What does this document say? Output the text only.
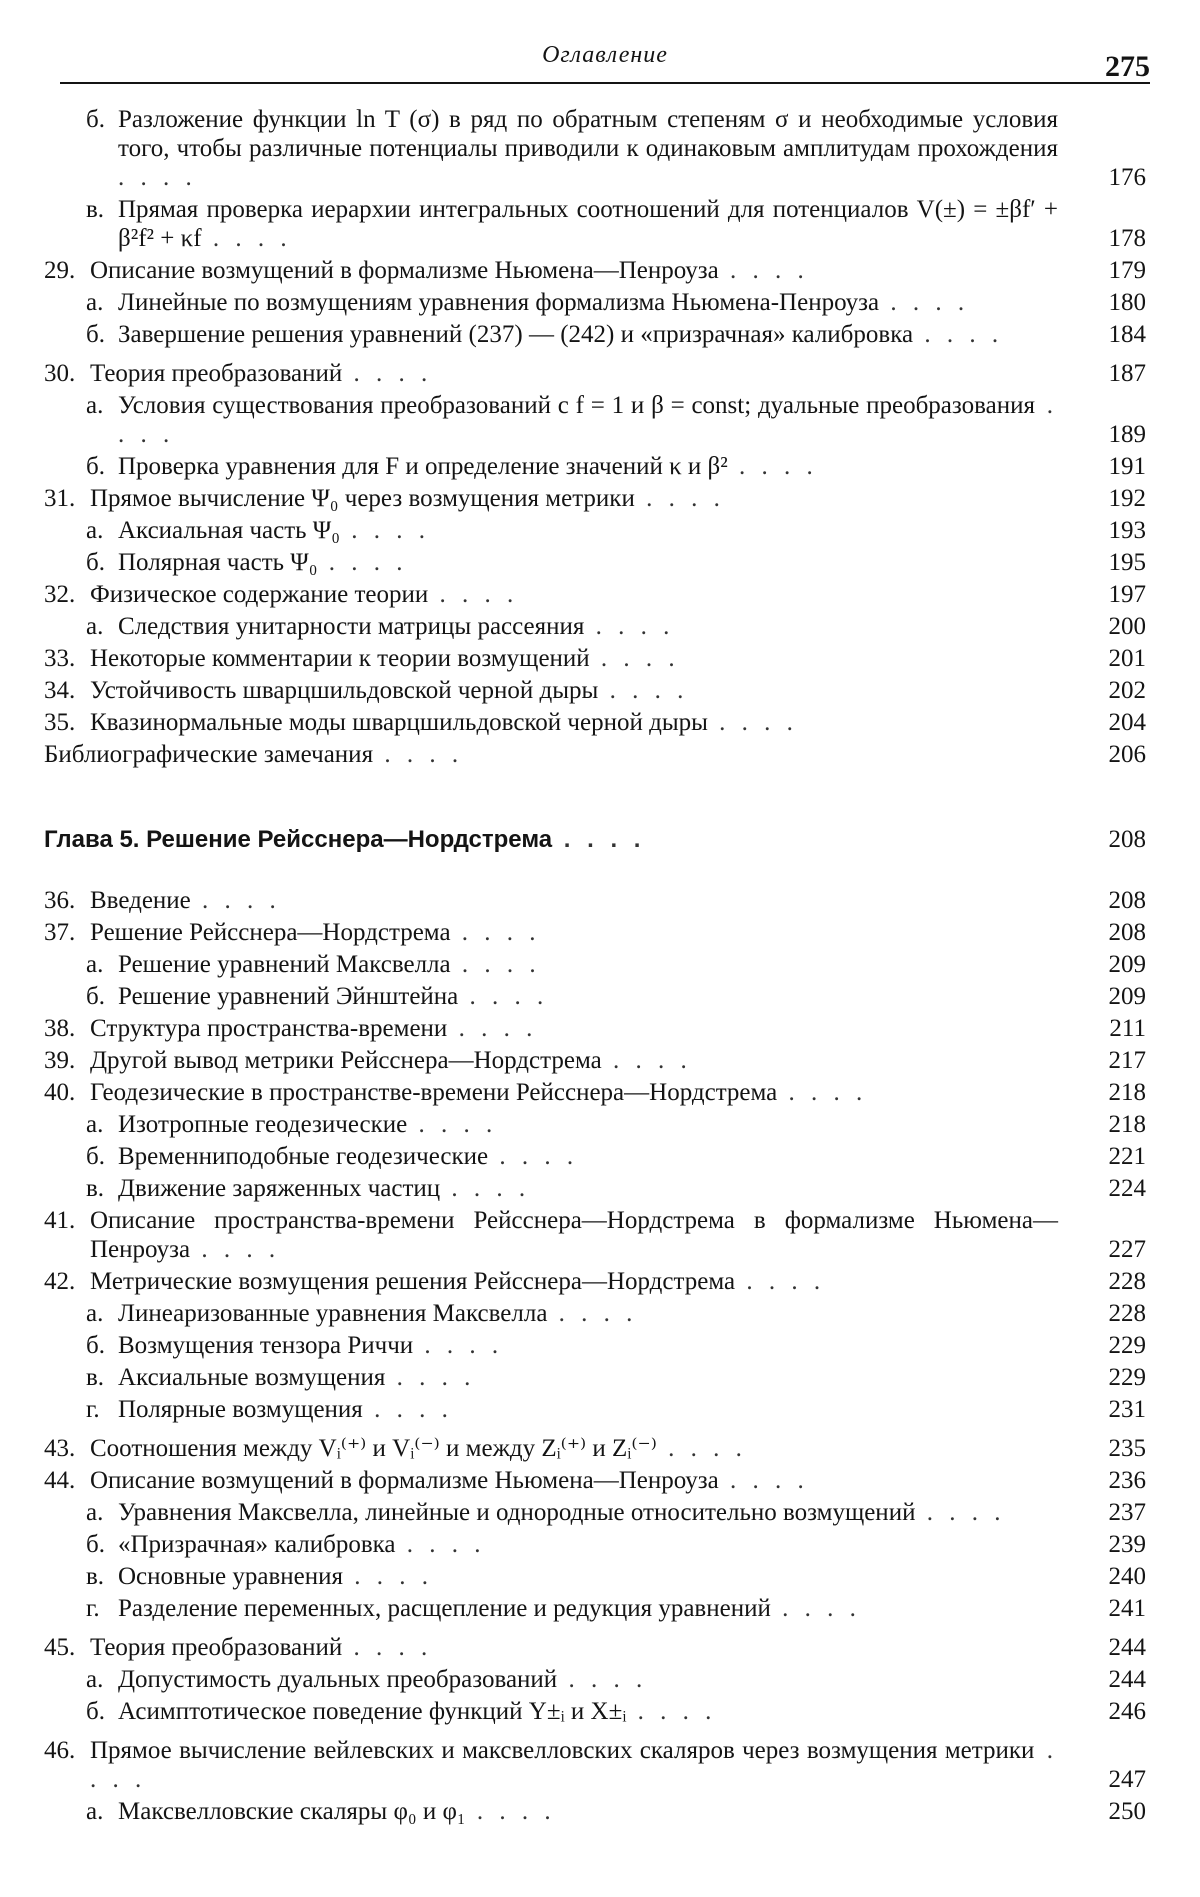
Оглавление	275
б. Разложение функции ln T (σ) в ряд по обратным степеням σ и необходимые условия того, чтобы различные потенциалы приводили к одинаковым амплитудам прохождения . . . .	176
в. Прямая проверка иерархии интегральных соотношений для потенциалов V(±) = ±βf′ + β²f² + κf . . . .	178
29. Описание возмущений в формализме Ньюмена—Пенроуза . . . .	179
а. Линейные по возмущениям уравнения формализма Ньюмена-Пенроуза . . . .	180
б. Завершение решения уравнений (237) — (242) и «призрачная» калибровка . . . .	184
30. Теория преобразований . . . .	187
а. Условия существования преобразований с f = 1 и β = const; дуальные преобразования . . . .	189
б. Проверка уравнения для F и определение значений κ и β² . . . .	191
31. Прямое вычисление Ψ₀ через возмущения метрики . . . .	192
а. Аксиальная часть Ψ₀ . . . .	193
б. Полярная часть Ψ₀ . . . .	195
32. Физическое содержание теории . . . .	197
а. Следствия унитарности матрицы рассеяния . . . .	200
33. Некоторые комментарии к теории возмущений . . . .	201
34. Устойчивость шварцшильдовской черной дыры . . . .	202
35. Квазинормальные моды шварцшильдовской черной дыры . . . .	204
Библиографические замечания . . . .	206
Глава 5. Решение Рейсснера—Нордстрема . . . .	208
36. Введение . . . .	208
37. Решение Рейсснера—Нордстрема . . . .	208
а. Решение уравнений Максвелла . . . .	209
б. Решение уравнений Эйнштейна . . . .	209
38. Структура пространства-времени . . . .	211
39. Другой вывод метрики Рейсснера—Нордстрема . . . .	217
40. Геодезические в пространстве-времени Рейсснера—Нордстрема . . . .	218
а. Изотропные геодезические . . . .	218
б. Временниподобные геодезические . . . .	221
в. Движение заряженных частиц . . . .	224
41. Описание пространства-времени Рейсснера—Нордстрема в формализме Ньюмена—Пенроуза . . . .	227
42. Метрические возмущения решения Рейсснера—Нордстрема . . . .	228
а. Линеаризованные уравнения Максвелла . . . .	228
б. Возмущения тензора Риччи . . . .	229
в. Аксиальные возмущения . . . .	229
г. Полярные возмущения . . . .	231
43. Соотношения между Vᵢ⁽⁺⁾ и Vᵢ⁽⁻⁾ и между Zᵢ⁽⁺⁾ и Zᵢ⁽⁻⁾ . . . .	235
44. Описание возмущений в формализме Ньюмена—Пенроуза . . . .	236
а. Уравнения Максвелла, линейные и однородные относительно возмущений . . . .	237
б. «Призрачная» калибровка . . . .	239
в. Основные уравнения . . . .	240
г. Разделение переменных, расщепление и редукция уравнений . . . .	241
45. Теория преобразований . . . .	244
а. Допустимость дуальных преобразований . . . .	244
б. Асимптотическое поведение функций Y±ᵢ и X±ᵢ . . . .	246
46. Прямое вычисление вейлевских и максвелловских скаляров через возмущения метрики . . . .	247
а. Максвелловские скаляры φ₀ и φ₁ . . . .	250
